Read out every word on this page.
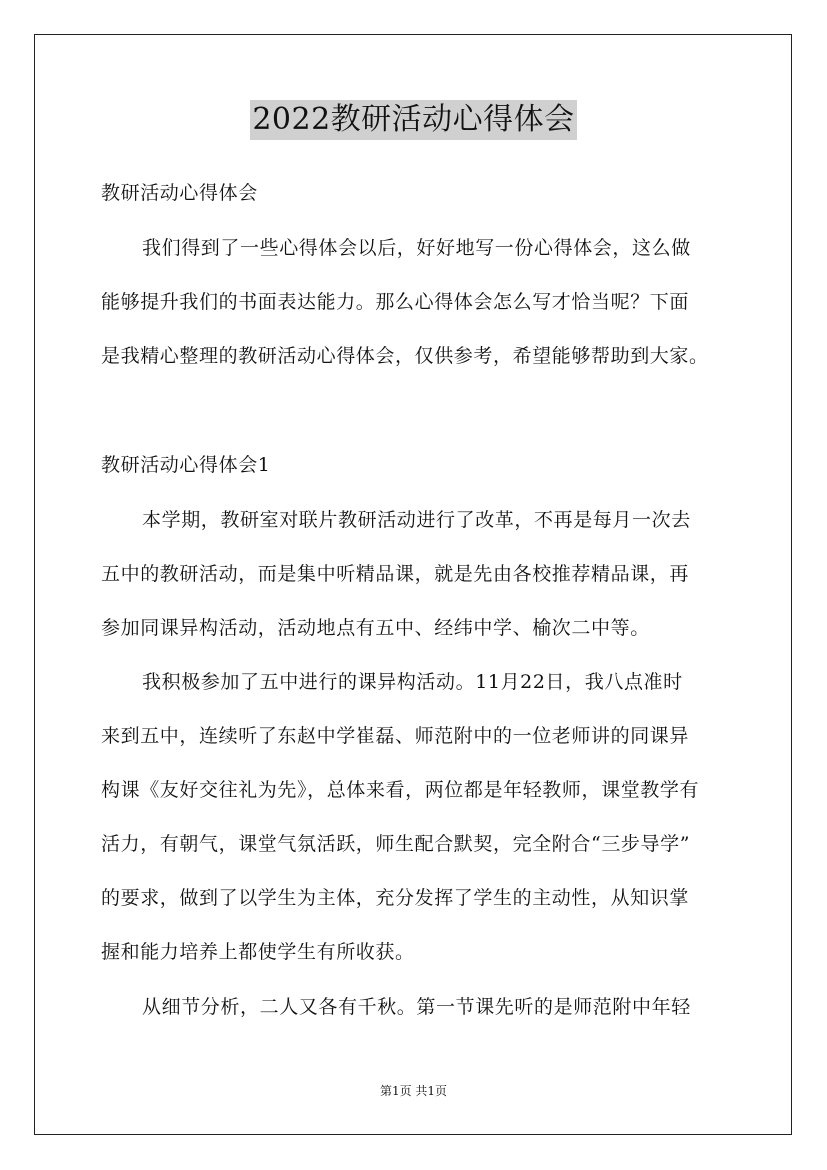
2022教研活动心得体会
教研活动心得体会
我们得到了一些心得体会以后，好好地写一份心得体会，这么做
能够提升我们的书面表达能力。那么心得体会怎么写才恰当呢？下面
是我精心整理的教研活动心得体会，仅供参考，希望能够帮助到大家。
教研活动心得体会1
本学期，教研室对联片教研活动进行了改革，不再是每月一次去
五中的教研活动，而是集中听精品课，就是先由各校推荐精品课，再
参加同课异构活动，活动地点有五中、经纬中学、榆次二中等。
我积极参加了五中进行的课异构活动。11月22日，我八点准时
来到五中，连续听了东赵中学崔磊、师范附中的一位老师讲的同课异
构课《友好交往礼为先》，总体来看，两位都是年轻教师，课堂教学有
活力，有朝气，课堂气氛活跃，师生配合默契，完全附合“三步导学”
的要求，做到了以学生为主体，充分发挥了学生的主动性，从知识掌
握和能力培养上都使学生有所收获。
从细节分析，二人又各有千秋。第一节课先听的是师范附中年轻
第1页 共1页
